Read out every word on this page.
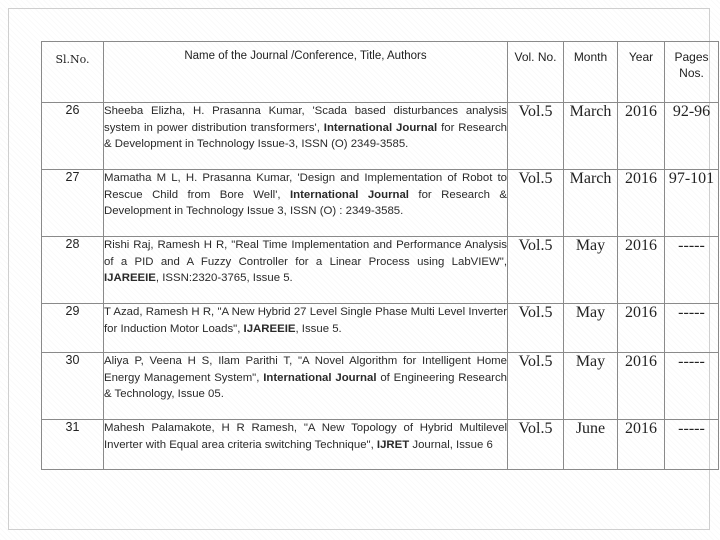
Sl.No.	Name of the Journal /Conference, Title, Authors	Vol. No.	Month	Year	Pages Nos.
26	Sheeba Elizha, H. Prasanna Kumar, 'Scada based disturbances analysis system in power distribution transformers', International Journal for Research & Development in Technology Issue-3, ISSN (O) 2349-3585.	Vol.5	March	2016	92-96
27	Mamatha M L, H. Prasanna Kumar, 'Design and Implementation of Robot to Rescue Child from Bore Well', International Journal for Research & Development in Technology Issue 3, ISSN (O) : 2349-3585.	Vol.5	March	2016	97-101
28	Rishi Raj, Ramesh H R, "Real Time Implementation and Performance Analysis of a PID and A Fuzzy Controller for a Linear Process using LabVIEW", IJAREEIE, ISSN:2320-3765, Issue 5.	Vol.5	May	2016	-----
29	T Azad, Ramesh H R, "A New Hybrid 27 Level Single Phase Multi Level Inverter for Induction Motor Loads", IJAREEIE, Issue 5.	Vol.5	May	2016	-----
30	Aliya P, Veena H S, Ilam Parithi T, "A Novel Algorithm for Intelligent Home Energy Management System", International Journal of Engineering Research & Technology, Issue 05.	Vol.5	May	2016	-----
31	Mahesh Palamakote, H R Ramesh, "A New Topology of Hybrid Multilevel Inverter with Equal area criteria switching Technique", IJRET Journal, Issue 6	Vol.5	June	2016	-----
